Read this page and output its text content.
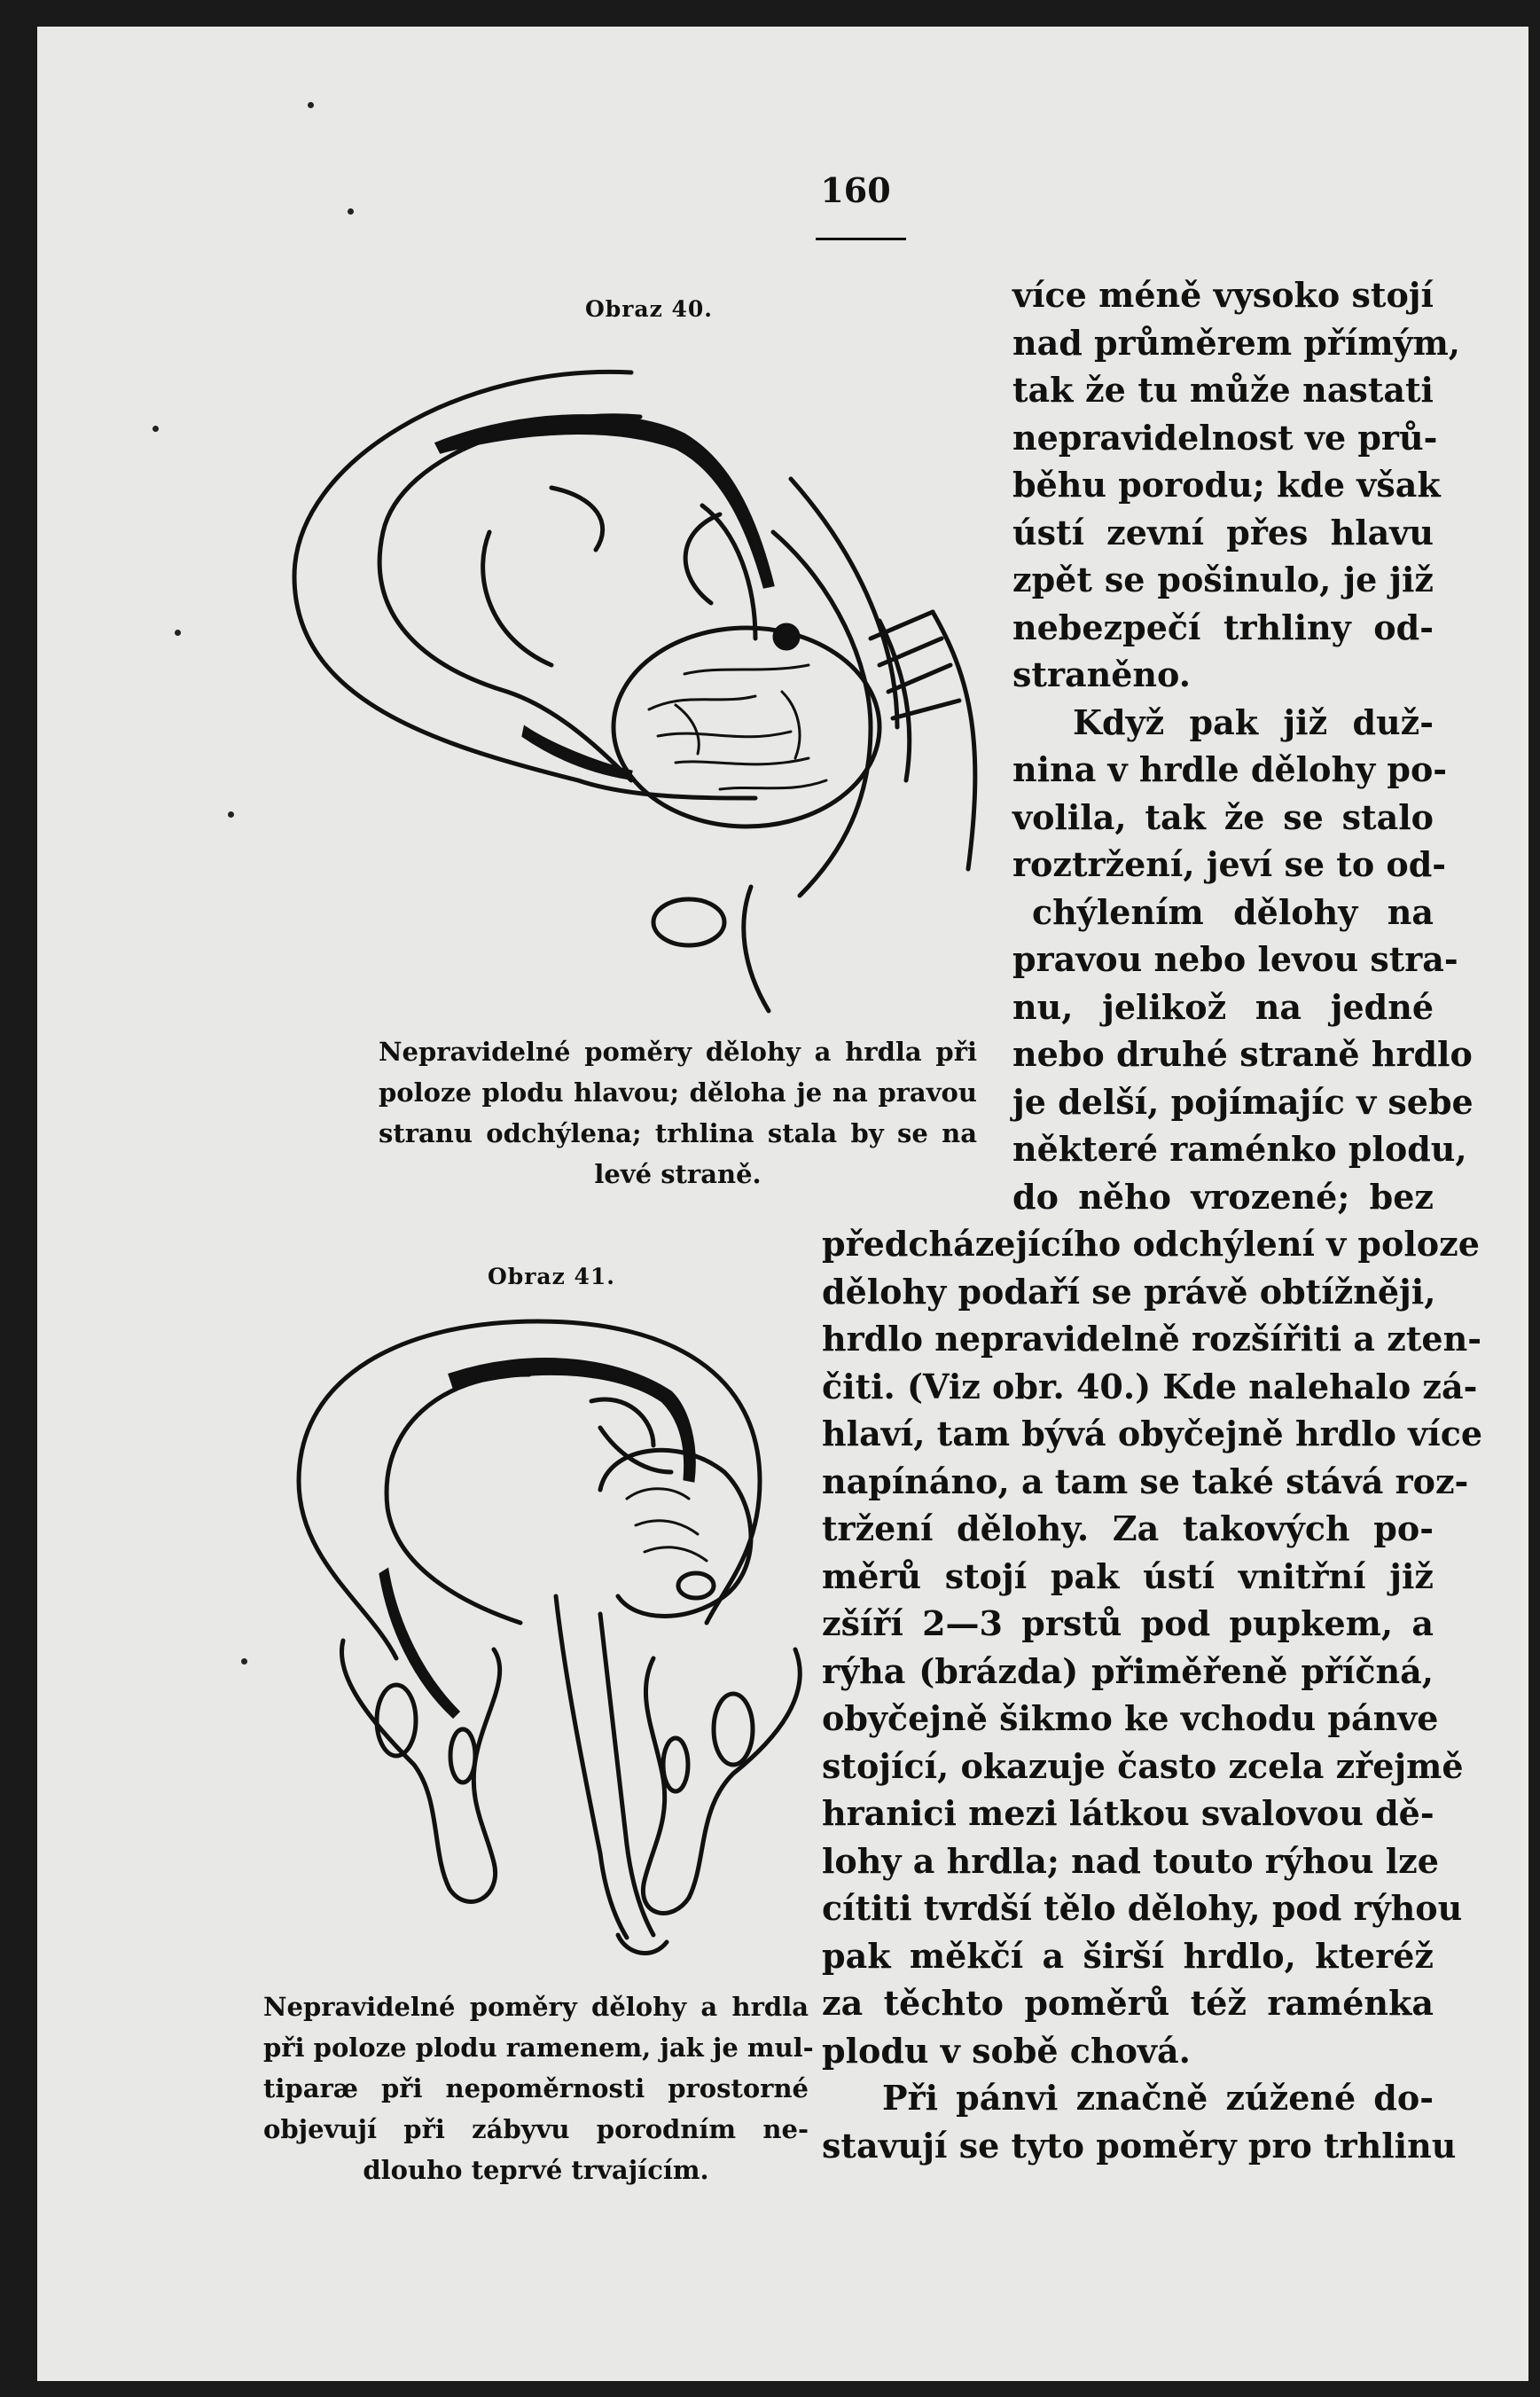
160
Obraz 40.
Nepravidelné poměry dělohy a hrdla při
poloze plodu hlavou; děloha je na pravou
stranu odchýlena; trhlina stala by se na
levé straně.
Obraz 41.
Nepravidelné poměry dělohy a hrdla
při poloze plodu ramenem, jak je mul-
tiparæ při nepoměrnosti prostorné
objevují při zábyvu porodním ne-
dlouho teprvé trvajícím.
více méně vysoko stojí
nad průměrem přímým,
tak že tu může nastati
nepravidelnost ve prů-
běhu porodu; kde však
ústí zevní přes hlavu
zpět se pošinulo, je již
nebezpečí trhliny od-
straněno.
Když pak již duž-
nina v hrdle dělohy po-
volila, tak že se stalo
roztržení, jeví se to od-
chýlením dělohy na
pravou nebo levou stra-
nu, jelikož na jedné
nebo druhé straně hrdlo
je delší, pojímajíc v sebe
některé raménko plodu,
do něho vrozené; bez
předcházejícího odchýlení v poloze
dělohy podaří se právě obtížněji,
hrdlo nepravidelně rozšířiti a zten-
čiti. (Viz obr. 40.) Kde nalehalo zá-
hlaví, tam bývá obyčejně hrdlo více
napínáno, a tam se také stává roz-
tržení dělohy. Za takových po-
měrů stojí pak ústí vnitřní již
zšíří 2—3 prstů pod pupkem, a
rýha (brázda) přiměřeně příčná,
obyčejně šikmo ke vchodu pánve
stojící, okazuje často zcela zřejmě
hranici mezi látkou svalovou dě-
lohy a hrdla; nad touto rýhou lze
cítiti tvrdší tělo dělohy, pod rýhou
pak měkčí a širší hrdlo, kteréž
za těchto poměrů též raménka
plodu v sobě chová.
Při pánvi značně zúžené do-
stavují se tyto poměry pro trhlinu
